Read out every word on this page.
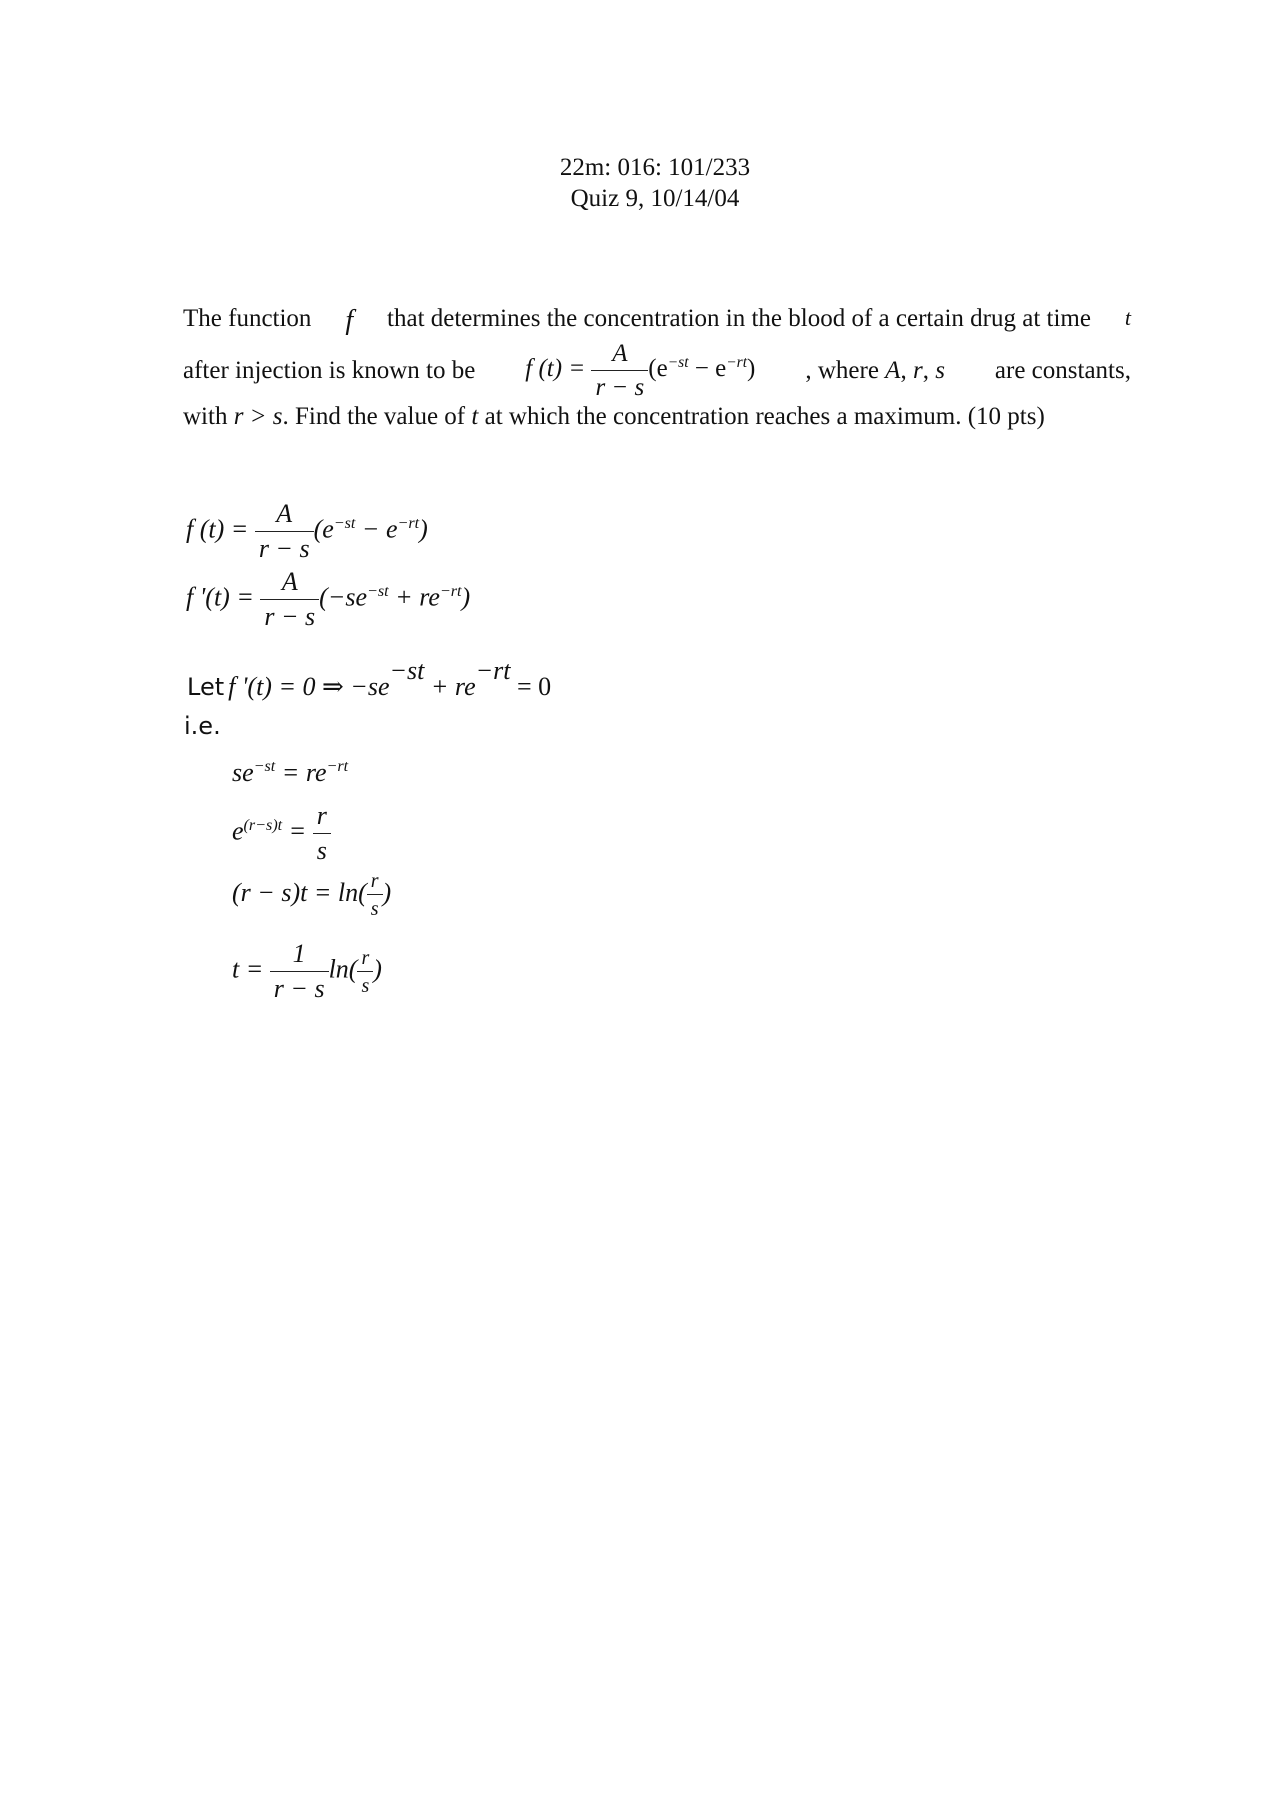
22m: 016: 101/233
Quiz 9, 10/14/04
The function f that determines the concentration in the blood of a certain drug at time t
after injection is known to be f $(t) = \frac{A}{r - s} (e^{-st} - e^{-rt})$ , where A, r, s are constants,
with r > s. Find the value of t at which the concentration reaches a maximum. (10 pts)
f $(t) = \frac{A}{r - s} (e^{-st} - e^{-rt})$
f '$(t) = \frac{A}{r - s} (-se^{-st} + re^{-rt})$
Let f '(t) = 0 ⇒ −se−st + re−rt = 0
i.e.
$se^{-st} = re^{-rt}$
$e^{(r-s)t} = \frac{r}{s}$
$(r - s)t = \ln( \frac{r}{s}$ )
$t = \frac{1}{r - s} \ln( \frac{r}{s}$ )
